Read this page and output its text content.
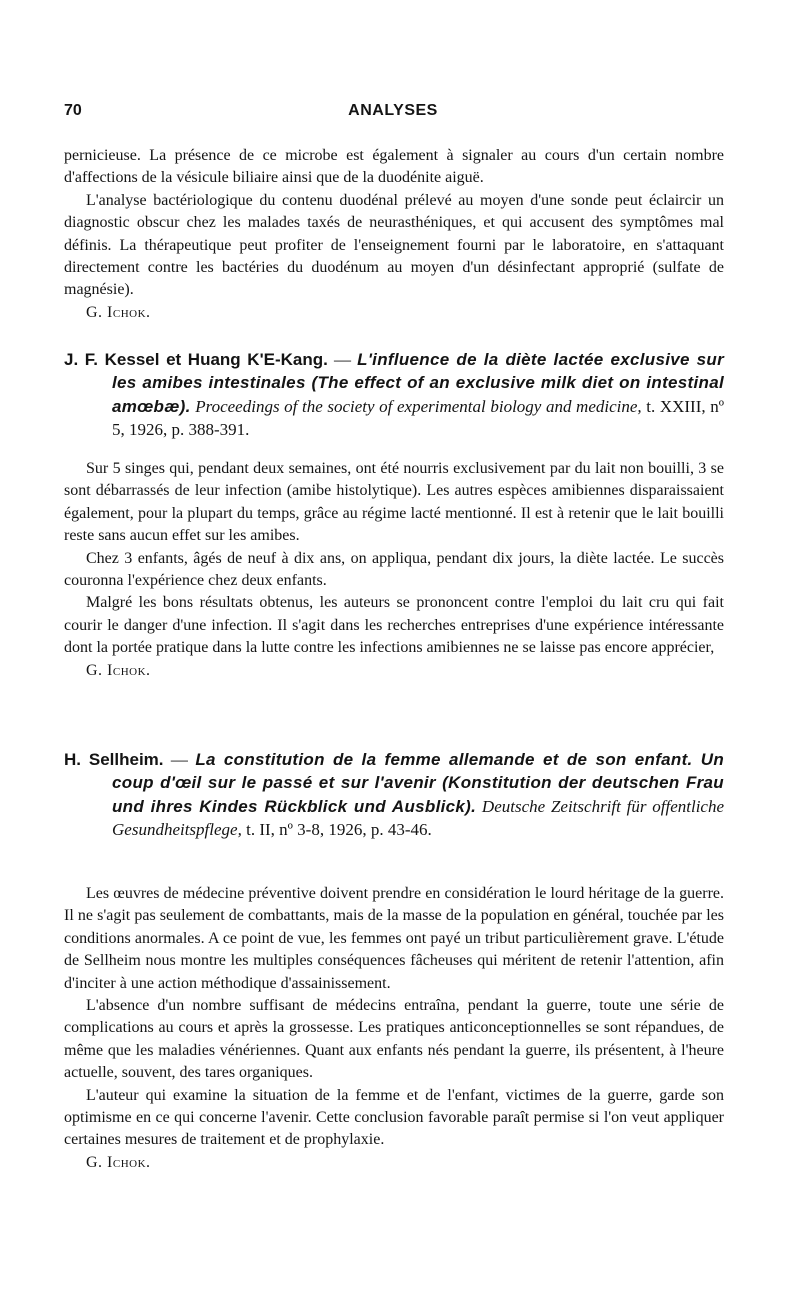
70	ANALYSES

pernicieuse. La présence de ce microbe est également à signaler au cours d'un certain nombre d'affections de la vésicule biliaire ainsi que de la duodénite aiguë.

L'analyse bactériologique du contenu duodénal prélevé au moyen d'une sonde peut éclaircir un diagnostic obscur chez les malades taxés de neurasthéniques, et qui accusent des symptômes mal définis. La thérapeutique peut profiter de l'enseignement fourni par le laboratoire, en s'attaquant directement contre les bactéries du duodénum au moyen d'un désinfectant approprié (sulfate de magnésie).

G. Ichok.

J. F. Kessel et Huang K'E-Kang. — L'influence de la diète lactée exclusive sur les amibes intestinales (The effect of an exclusive milk diet on intestinal amœbæ). Proceedings of the society of experimental biology and medicine, t. XXIII, nº 5, 1926, p. 388-391.

Sur 5 singes qui, pendant deux semaines, ont été nourris exclusivement par du lait non bouilli, 3 se sont débarrassés de leur infection (amibe histolytique). Les autres espèces amibiennes disparaissaient également, pour la plupart du temps, grâce au régime lacté mentionné. Il est à retenir que le lait bouilli reste sans aucun effet sur les amibes.

Chez 3 enfants, âgés de neuf à dix ans, on appliqua, pendant dix jours, la diète lactée. Le succès couronna l'expérience chez deux enfants.

Malgré les bons résultats obtenus, les auteurs se prononcent contre l'emploi du lait cru qui fait courir le danger d'une infection. Il s'agit dans les recherches entreprises d'une expérience intéressante dont la portée pratique dans la lutte contre les infections amibiennes ne se laisse pas encore apprécier,

G. Ichok.

H. Sellheim. — La constitution de la femme allemande et de son enfant. Un coup d'œil sur le passé et sur l'avenir (Konstitution der deutschen Frau und ihres Kindes Rückblick und Ausblick). Deutsche Zeitschrift für offentliche Gesundheitspflege, t. II, nº 3-8, 1926, p. 43-46.

Les œuvres de médecine préventive doivent prendre en considération le lourd héritage de la guerre. Il ne s'agit pas seulement de combattants, mais de la masse de la population en général, touchée par les conditions anormales. A ce point de vue, les femmes ont payé un tribut particulièrement grave. L'étude de Sellheim nous montre les multiples conséquences fâcheuses qui méritent de retenir l'attention, afin d'inciter à une action méthodique d'assainissement.

L'absence d'un nombre suffisant de médecins entraîna, pendant la guerre, toute une série de complications au cours et après la grossesse. Les pratiques anticonceptionnelles se sont répandues, de même que les maladies vénériennes. Quant aux enfants nés pendant la guerre, ils présentent, à l'heure actuelle, souvent, des tares organiques.

L'auteur qui examine la situation de la femme et de l'enfant, victimes de la guerre, garde son optimisme en ce qui concerne l'avenir. Cette conclusion favorable paraît permise si l'on veut appliquer certaines mesures de traitement et de prophylaxie.

G. Ichok.
